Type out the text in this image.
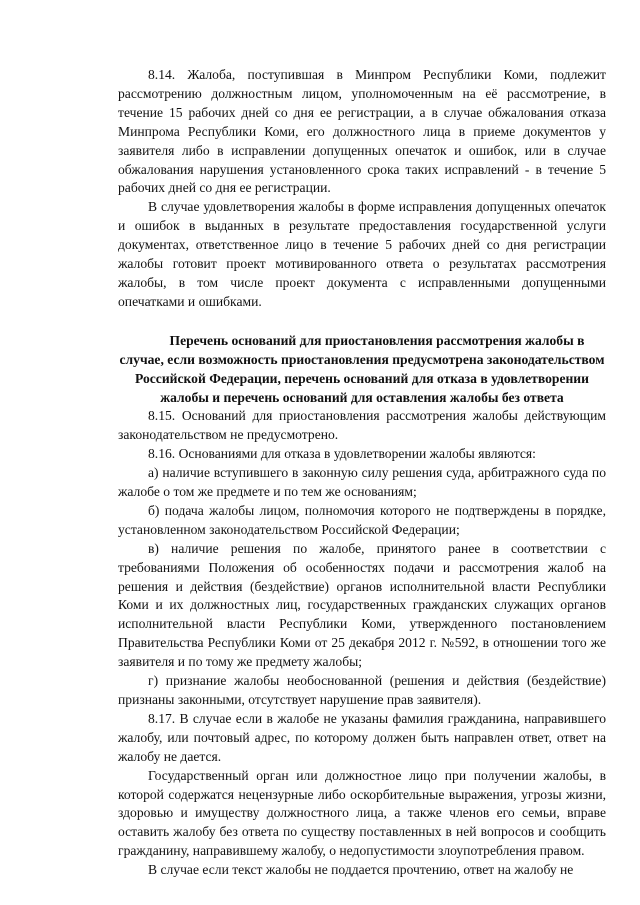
8.14. Жалоба, поступившая в Минпром Республики Коми, подлежит рассмотрению должностным лицом, уполномоченным на её рассмотрение, в течение 15 рабочих дней со дня ее регистрации, а в случае обжалования отказа Минпрома Республики Коми, его должностного лица в приеме документов у заявителя либо в исправлении допущенных опечаток и ошибок, или в случае обжалования нарушения установленного срока таких исправлений - в течение 5 рабочих дней со дня ее регистрации.

В случае удовлетворения жалобы в форме исправления допущенных опечаток и ошибок в выданных в результате предоставления государственной услуги документах, ответственное лицо в течение 5 рабочих дней со дня регистрации жалобы готовит проект мотивированного ответа о результатах рассмотрения жалобы, в том числе проект документа с исправленными допущенными опечатками и ошибками.

Перечень оснований для приостановления рассмотрения жалобы в случае, если возможность приостановления предусмотрена законодательством Российской Федерации, перечень оснований для отказа в удовлетворении жалобы и перечень оснований для оставления жалобы без ответа

8.15. Оснований для приостановления рассмотрения жалобы действующим законодательством не предусмотрено.

8.16. Основаниями для отказа в удовлетворении жалобы являются:

а) наличие вступившего в законную силу решения суда, арбитражного суда по жалобе о том же предмете и по тем же основаниям;

б) подача жалобы лицом, полномочия которого не подтверждены в порядке, установленном законодательством Российской Федерации;

в) наличие решения по жалобе, принятого ранее в соответствии с требованиями Положения об особенностях подачи и рассмотрения жалоб на решения и действия (бездействие) органов исполнительной власти Республики Коми и их должностных лиц, государственных гражданских служащих органов исполнительной власти Республики Коми, утвержденного постановлением Правительства Республики Коми от 25 декабря 2012 г. №592, в отношении того же заявителя и по тому же предмету жалобы;

г) признание жалобы необоснованной (решения и действия (бездействие) признаны законными, отсутствует нарушение прав заявителя).

8.17. В случае если в жалобе не указаны фамилия гражданина, направившего жалобу, или почтовый адрес, по которому должен быть направлен ответ, ответ на жалобу не дается.

Государственный орган или должностное лицо при получении жалобы, в которой содержатся нецензурные либо оскорбительные выражения, угрозы жизни, здоровью и имуществу должностного лица, а также членов его семьи, вправе оставить жалобу без ответа по существу поставленных в ней вопросов и сообщить гражданину, направившему жалобу, о недопустимости злоупотребления правом.

В случае если текст жалобы не поддается прочтению, ответ на жалобу не
